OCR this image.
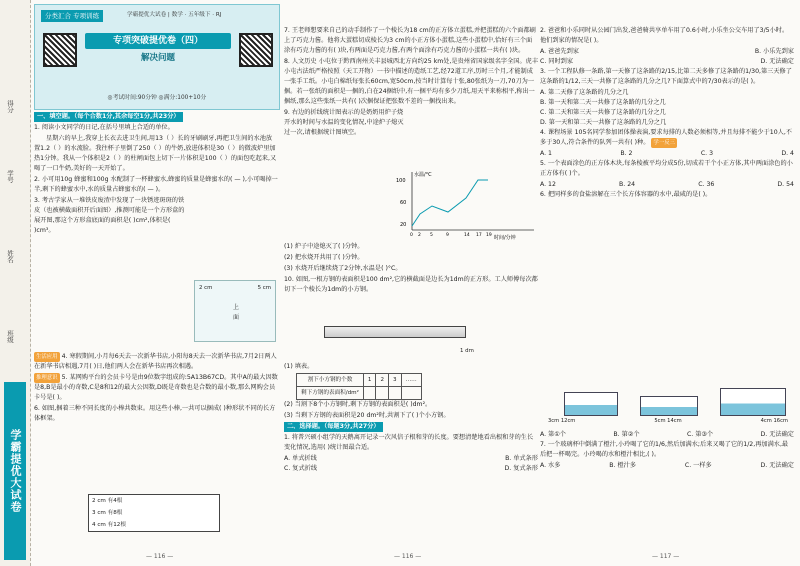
得分
学号
姓名
班级
学霸提优大试卷
分类汇合 专项训练	学霸提优大试卷 | 数学 · 五年级下 · RJ
专项突破提优卷（四）
解决问题
◎考试时间:90分钟 ◎满分:100+10分
一、填空题。（每个合数1分,其余每空1分,共23分）
1. 阅读小文同学的日记,在括号里填上合适的单位。
星期六的早上,我穿上长衣去进卫生间,用13（ ）长的牙刷刷牙,再把卫生间的水池放置1.2（ ）的水流脸。我往杯子里倒了250（ ）的牛奶,放进体积是30（ ）的微波炉里加热1分钟。我从一个体积是2（ ）的柱闸面包上切下一片体积是100（ ）的面包吃起来,又喝了一口牛奶,美好的一天开始了。
2. 小可用10g 蜂蜜和100g 水配制了一杯蜂蜜水,蜂蜜的质量是蜂蜜水的( — ),小可喝掉一半,剩下的蜂蜜水中,水的质量占蜂蜜水的( — )。
3. 考古学家从一堆铁皮废渣中发现了一块锈迹斑斑的铁皮（也被横截面积开后面图）,推测可能是一个方形盒的展开图,那这个方形盒底面的面积是( )cm²,体积是( )cm³。
2 cm	5 cm
上
面
生活应用 4. 寒假期间,小月每6天去一次新华书店,小阳每8天去一次新华书店,7月2日两人在新华书店相遇,7月( )日,他们两人会在新华书店再次相遇。
推理意识 5. 某网购平台的会员卡号是由9位数字组成的:5A13B67CD。其中A的最大因数是8,B是最小的奇数,C是8和12的最大公因数,D既是奇数也是合数的最小数,那么网购会员卡号是( )。
6. 如图,捆着三种不同长度的小棒共数束。用这些小棒,一共可以捆成( )种形状不同的长方体框架。
2 cm 有4根
3 cm 有8根
4 cm 有12根
— 116 —
7. 王老师想要来自己的动手制作了一个棱长为18 cm的正方体立蛋糕,并把蛋糕的六个面都刷上了巧克力酱。他将大蛋糕切成棱长为3 cm的小正方体小蛋糕,这些小蛋糕中,恰好有三个面涂有巧克力酱的有( )块,有两面是巧克力酱,有两个面涂有巧克力酱的小蛋糕一共有( )块。
8. 人文历史 小屯位于黔西南州关丰县城西北方向约25 km处,是贵州省国家级名字全国。虎丰小屯古法纸严格按照（天工开物）一书中描述的造纸工艺,经72道工序,历时三个月,才能制成一张手工纸。小屯白棉纸每张长60cm,宽50cm,按当时计算每十张,80张纸为一刀,70刀为一捆。若一张纸的面积是一捆的,白在24捆纸中,有一捆平均有多少刀纸,用天平来称相平,称出一捆纸,那么这些张纸一共有( )次捆保证把张数不差的一捆找出来。
9. 右边的折线统计图表示的是奶奶用炉子烧开水的时间与水温的变化情况,中途炉子熄灭过一次,请根据统计图填空。
水温/°C
时间/分钟
100
60
20
0 2 5	9	14 17 19
(1) 炉子中途熄灭了( )分钟。
(2) 把水烧开共用了( )分钟。
(3) 水烧开后继续烧了2分钟,水温是( )°C。
10. 如图,一根方钢的表面积是100 dm²,它的横截面是边长为1dm的正方形。工人师傅每次都切下一个棱长为1dm的小方钢。
1 dm
(1) 填表。
割下小方钢的个数	1	2	3	……
剩下方钢的表面积/dm²				
(2) 当割下8个小方钢时,剩下方钢的表面积是( )dm²。
(3) 当剩下方钢的表面积是20 dm²时,共割下了( )个小方钢。
二、选择题。（每题3分,共27分）
1. 将普兴硕小组学的天鹅离开记录一次风信子根和芽的长度。要想清楚地看出根和芽的生长变化情况,选用( )统计图最合适。
A. 单式折线	B. 单式条形
C. 复式折线	D. 复式条形
— 116 —
2. 爸爸和小乐同时从公园门出发,爸爸骑共享单车用了0.6小时,小乐坐公交车用了3/5小时。他们到家的情况是( )。
A. 爸爸先到家	B. 小乐先到家
C. 同时到家	D. 无法确定
3. 一个工程队修一条路,第一天修了这条路的2/15,比第二天多修了这条路的1/30,第三天修了这条路的1/12,三天一共修了这条路的几分之几?下面算式中的7/30表示的是( )。
A. 第二天修了这条路的几分之几
B. 第一天和第二天一共修了这条路的几分之几
C. 第二天和第三天一共修了这条路的几分之几
D. 第一天和第二天一共修了这条路的几分之几
4. 课程场景 105名同学参加团体操表演,要求每排的人数必须相等,并且每排不能少于10人,不多于30人,符合条件的队列一共有( )种。 学一反三
A. 1	B. 2	C. 3	D. 4
5. 一个表面涂色的正方体木块,每条棱被平均分成5份,切成若干个小正方体,其中两面涂色的小正方体有( )个。
A. 12	B. 24	C. 36	D. 54
6. 把同样多的食盐溶解在三个长方体容器的水中,最咸的是( )。
3cm 12cm	5cm 14cm	4cm 16cm
A. 第①个	B. 第②个	C. 第③个	D. 无法确定
7. 一个玻璃杯中倒满了橙汁,小玲喝了它的1/6,然后加满水;后来又喝了它的1/2,再加满水,最后把一杯喝完。小玲喝的水和橙汁相比,( )。
A. 水多	B. 橙汁多	C. 一样多	D. 无法确定
— 117 —
